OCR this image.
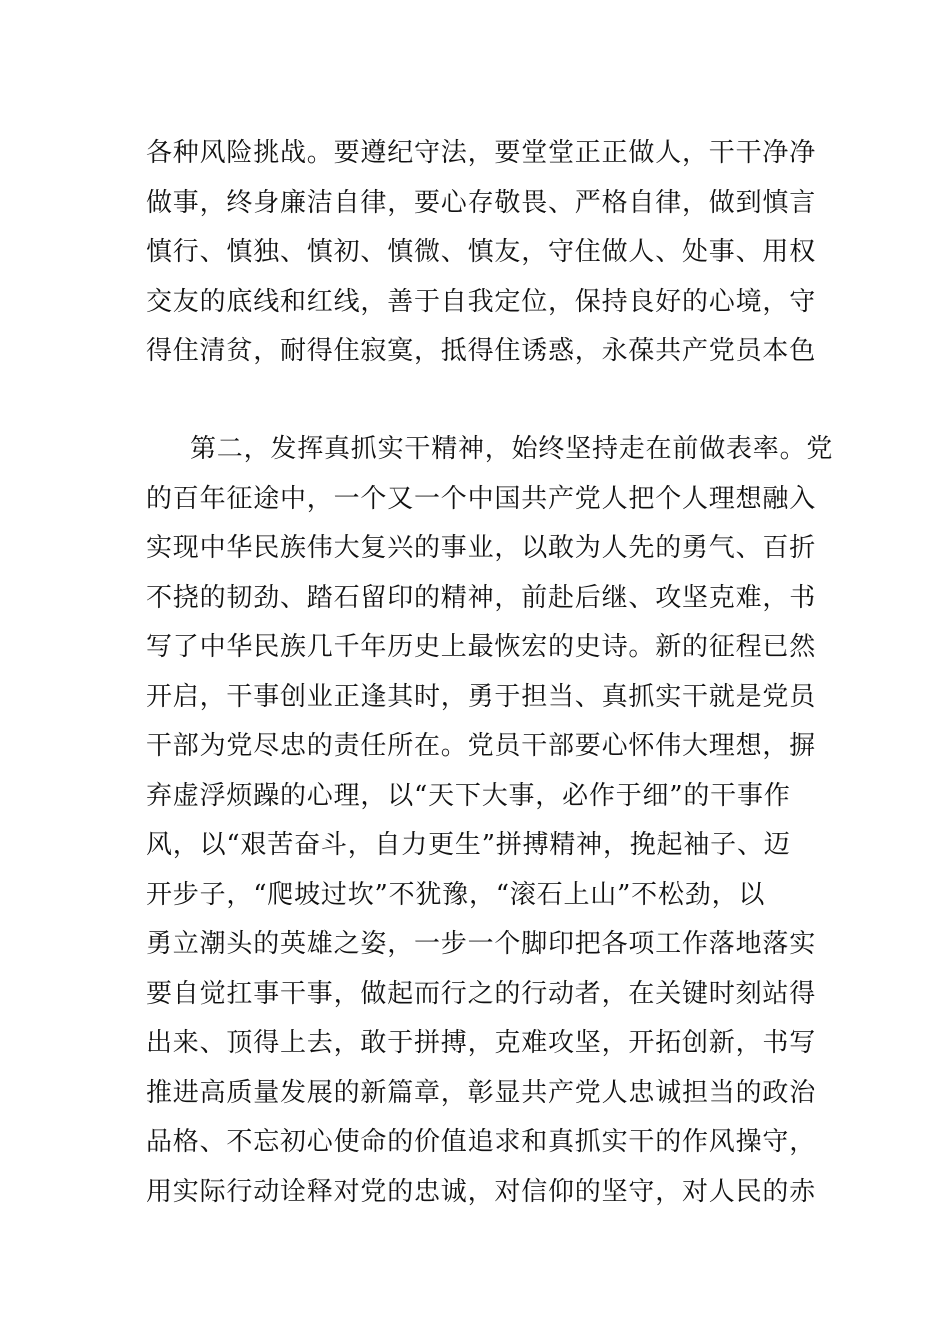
各种风险挑战。要遵纪守法，要堂堂正正做人，干干净净
做事，终身廉洁自律，要心存敬畏、严格自律，做到慎言
慎行、慎独、慎初、慎微、慎友，守住做人、处事、用权
交友的底线和红线，善于自我定位，保持良好的心境，守
得住清贫，耐得住寂寞，抵得住诱惑，永葆共产党员本色
第二，发挥真抓实干精神，始终坚持走在前做表率。党
的百年征途中，一个又一个中国共产党人把个人理想融入
实现中华民族伟大复兴的事业，以敢为人先的勇气、百折
不挠的韧劲、踏石留印的精神，前赴后继、攻坚克难，书
写了中华民族几千年历史上最恢宏的史诗。新的征程已然
开启，干事创业正逢其时，勇于担当、真抓实干就是党员
干部为党尽忠的责任所在。党员干部要心怀伟大理想，摒
弃虚浮烦躁的心理，以“天下大事，必作于细”的干事作
风，以“艰苦奋斗，自力更生”拼搏精神，挽起袖子、迈
开步子，“爬坡过坎”不犹豫，“滚石上山”不松劲，以
勇立潮头的英雄之姿，一步一个脚印把各项工作落地落实
要自觉扛事干事，做起而行之的行动者，在关键时刻站得
出来、顶得上去，敢于拼搏，克难攻坚，开拓创新，书写
推进高质量发展的新篇章，彰显共产党人忠诚担当的政治
品格、不忘初心使命的价值追求和真抓实干的作风操守，
用实际行动诠释对党的忠诚，对信仰的坚守，对人民的赤
